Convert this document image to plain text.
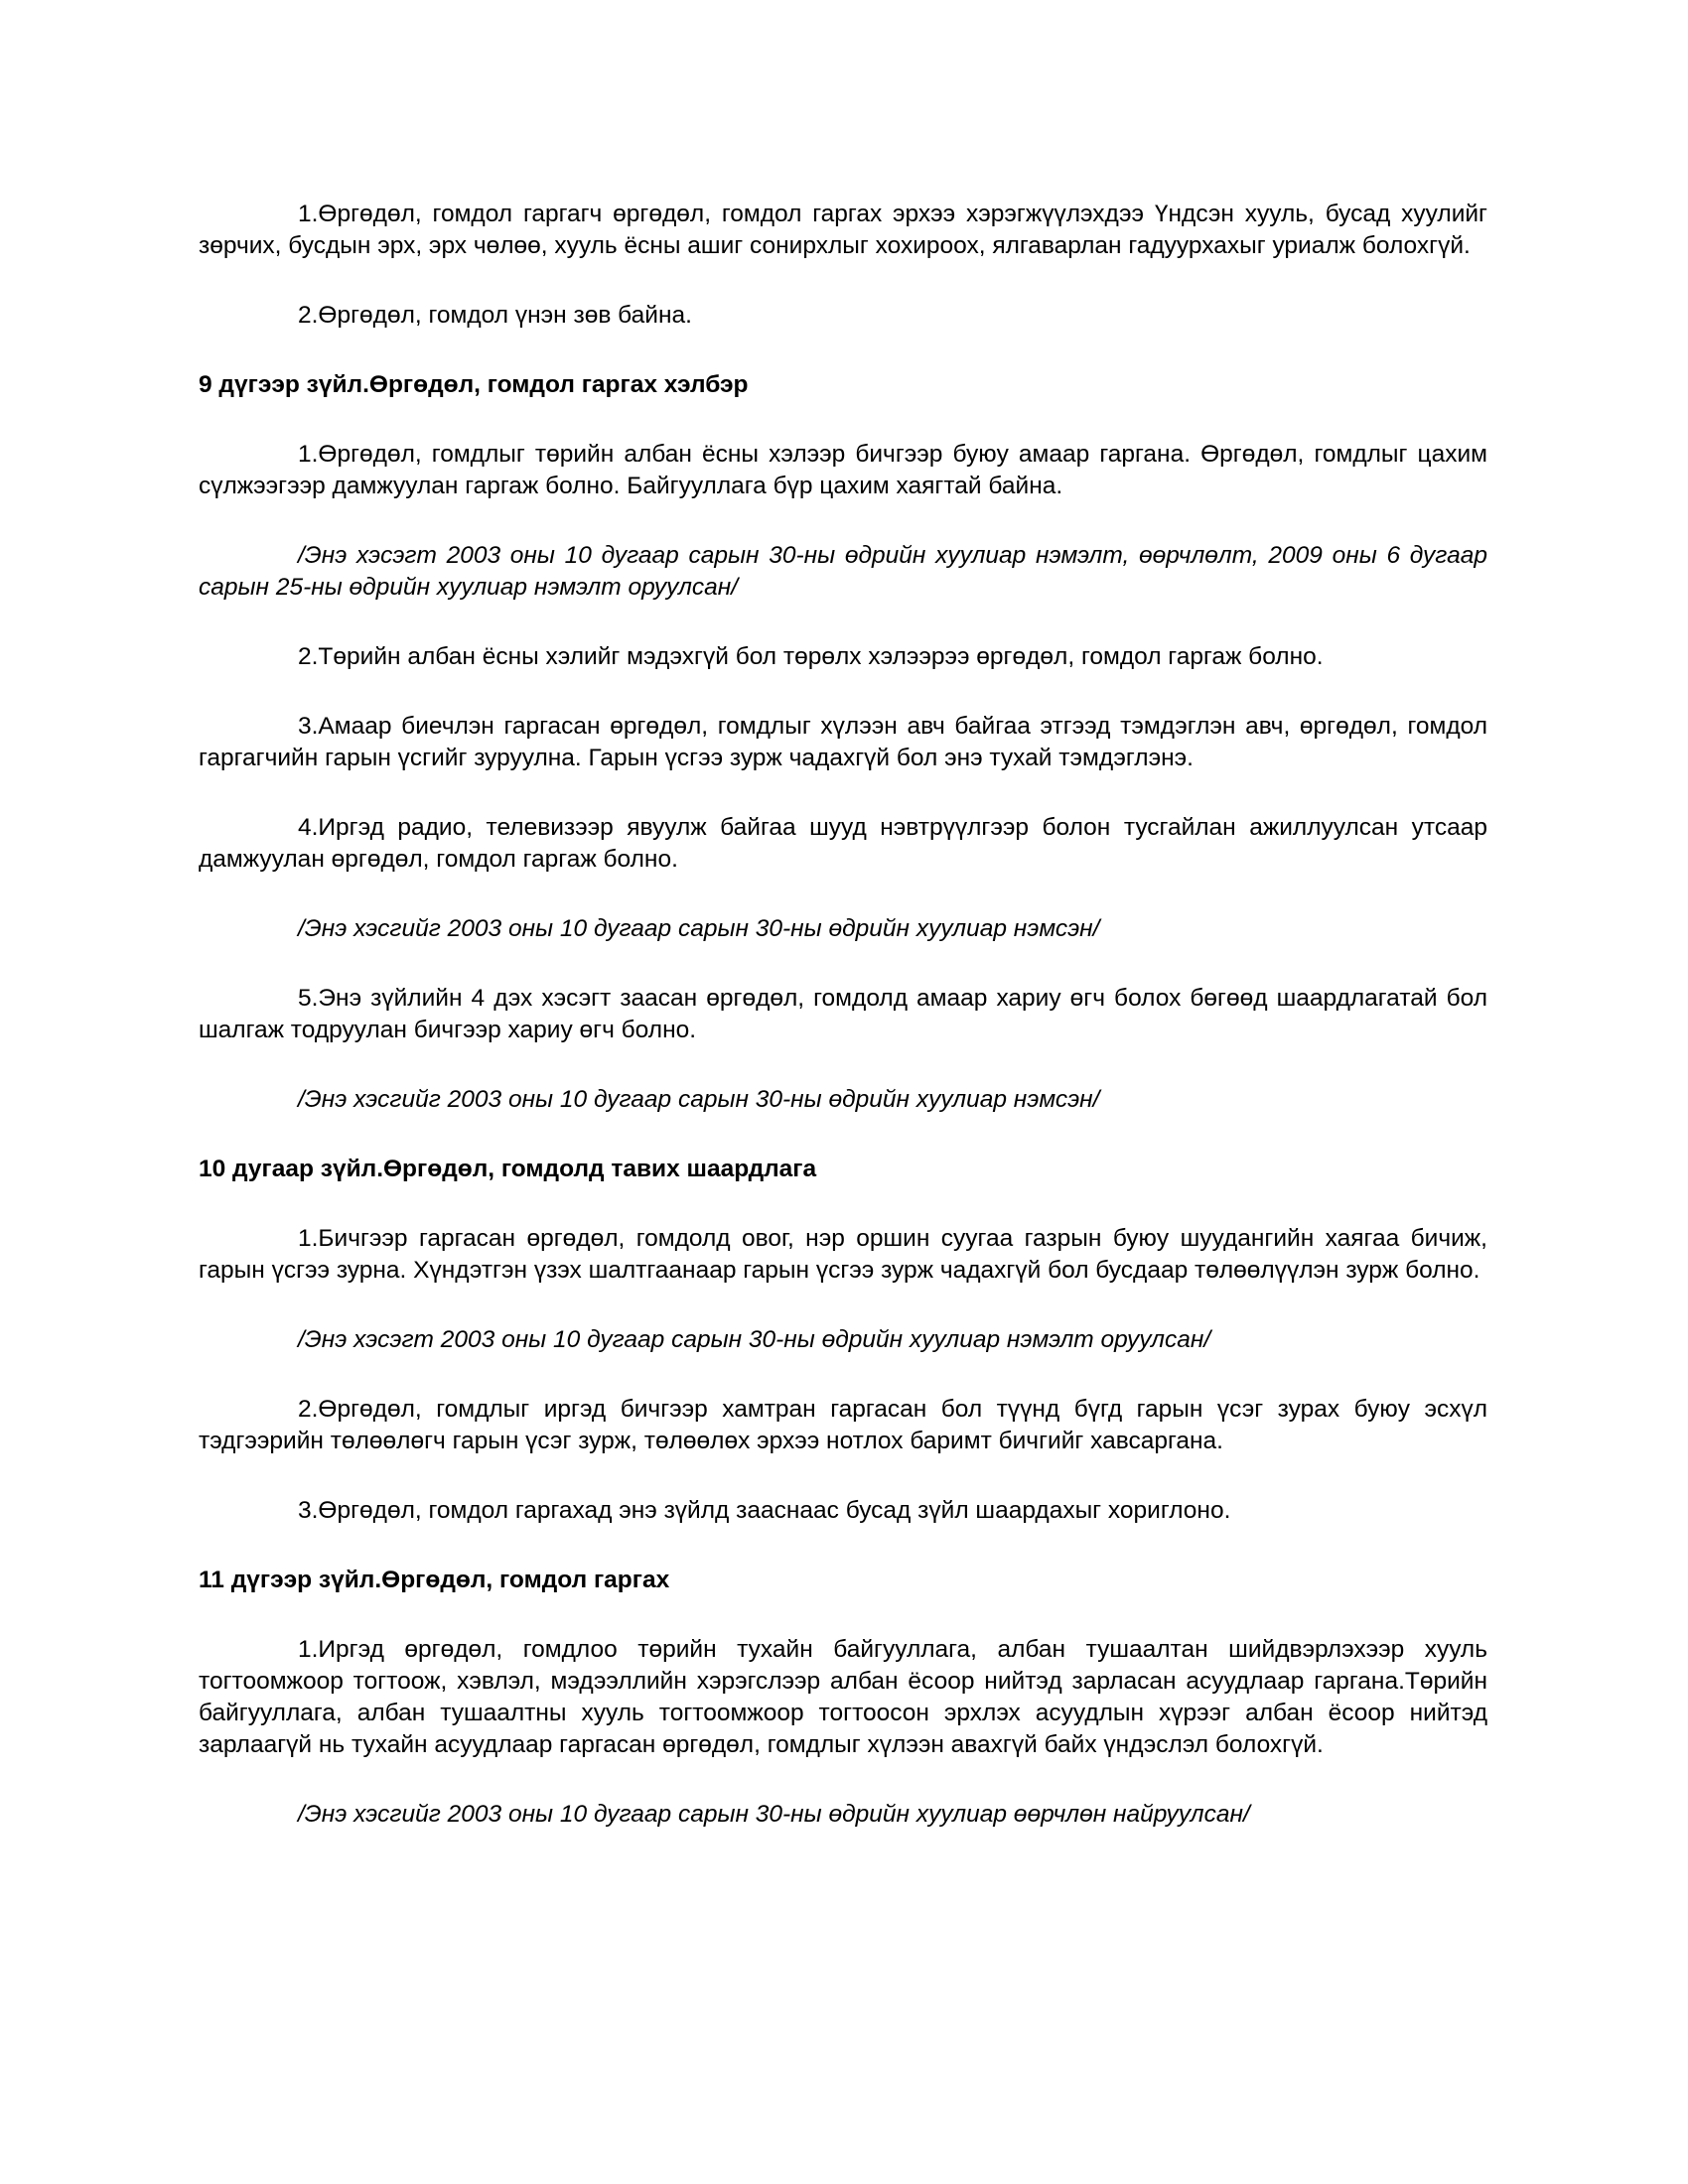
1.Өргөдөл, гомдол гаргагч өргөдөл, гомдол гаргах эрхээ хэрэгжүүлэхдээ Үндсэн хууль, бусад хуулийг зөрчих, бусдын эрх, эрх чөлөө, хууль ёсны ашиг сонирхлыг хохироох, ялгаварлан гадуурхахыг уриалж болохгүй.

2.Өргөдөл, гомдол үнэн зөв байна.

9 дүгээр зүйл.Өргөдөл, гомдол гаргах хэлбэр

1.Өргөдөл, гомдлыг төрийн албан ёсны хэлээр бичгээр буюу амаар гаргана. Өргөдөл, гомдлыг цахим сүлжээгээр дамжуулан гаргаж болно. Байгууллага бүр цахим хаягтай байна.

/Энэ хэсэгт 2003 оны 10 дугаар сарын 30-ны өдрийн хуулиар нэмэлт, өөрчлөлт, 2009 оны 6 дугаар сарын 25-ны өдрийн хуулиар нэмэлт оруулсан/

2.Төрийн албан ёсны хэлийг мэдэхгүй бол төрөлх хэлээрээ өргөдөл, гомдол гаргаж болно.

3.Амаар биечлэн гаргасан өргөдөл, гомдлыг хүлээн авч байгаа этгээд тэмдэглэн авч, өргөдөл, гомдол гаргагчийн гарын үсгийг зуруулна. Гарын үсгээ зурж чадахгүй бол энэ тухай тэмдэглэнэ.

4.Иргэд радио, телевизээр явуулж байгаа шууд нэвтрүүлгээр болон тусгайлан ажиллуулсан утсаар дамжуулан өргөдөл, гомдол гаргаж болно.

/Энэ хэсгийг 2003 оны 10 дугаар сарын 30-ны өдрийн хуулиар нэмсэн/

5.Энэ зүйлийн 4 дэх хэсэгт заасан өргөдөл, гомдолд амаар хариу өгч болох бөгөөд шаардлагатай бол шалгаж тодруулан бичгээр хариу өгч болно.

/Энэ хэсгийг 2003 оны 10 дугаар сарын 30-ны өдрийн хуулиар нэмсэн/

10 дугаар зүйл.Өргөдөл, гомдолд тавих шаардлага

1.Бичгээр гаргасан өргөдөл, гомдолд овог, нэр оршин суугаа газрын буюу шуудангийн хаягаа бичиж, гарын үсгээ зурна. Хүндэтгэн үзэх шалтгаанаар гарын үсгээ зурж чадахгүй бол бусдаар төлөөлүүлэн зурж болно.

/Энэ хэсэгт 2003 оны 10 дугаар сарын 30-ны өдрийн хуулиар нэмэлт оруулсан/

2.Өргөдөл, гомдлыг иргэд бичгээр хамтран гаргасан бол түүнд бүгд гарын үсэг зурах буюу эсхүл тэдгээрийн төлөөлөгч гарын үсэг зурж, төлөөлөх эрхээ нотлох баримт бичгийг хавсаргана.

3.Өргөдөл, гомдол гаргахад энэ зүйлд зааснаас бусад зүйл шаардахыг хориглоно.

11 дүгээр зүйл.Өргөдөл, гомдол гаргах

1.Иргэд өргөдөл, гомдлоо төрийн тухайн байгууллага, албан тушаалтан шийдвэрлэхээр хууль тогтоомжоор тогтоож, хэвлэл, мэдээллийн хэрэгслээр албан ёсоор нийтэд зарласан асуудлаар гаргана.Төрийн байгууллага, албан тушаалтны хууль тогтоомжоор тогтоосон эрхлэх асуудлын хүрээг албан ёсоор нийтэд зарлаагүй нь тухайн асуудлаар гаргасан өргөдөл, гомдлыг хүлээн авахгүй байх үндэслэл болохгүй.

/Энэ хэсгийг 2003 оны 10 дугаар сарын 30-ны өдрийн хуулиар өөрчлөн найруулсан/
